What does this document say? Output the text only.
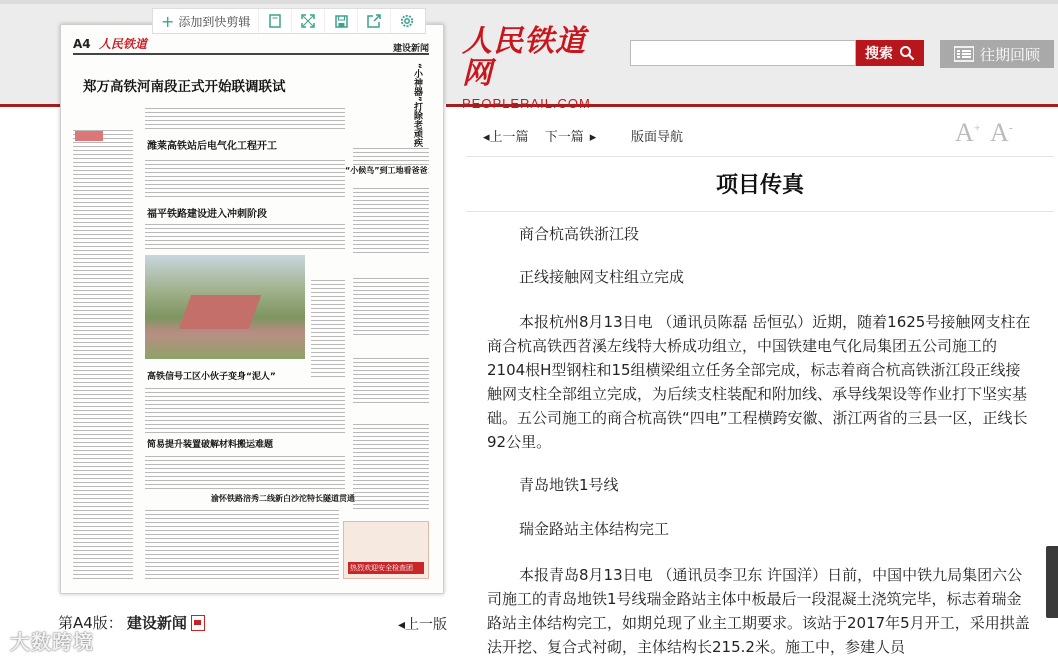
人民铁道网
PEOPLERAIL.COM
搜索	往期回顾
A4 人民铁道	建设新闻
郑万高铁河南段正式开始联调联试
潍莱高铁站后电气化工程开工
福平铁路建设进入冲刺阶段
高铁信号工区小伙子变身“泥人”
简易提升装置破解材料搬运难题
渝怀铁路涪秀二线新白沙沱特长隧道贯通
“小神器”打除老顽疾
“小候鸟”到工地看爸爸
热烈欢迎安全检查团
+ 添加到快剪辑
第A4版： 建设新闻	◂上一版
大数跨境
◂上一篇 下一篇 ▸	版面导航	A+ A-
项目传真
商合杭高铁浙江段
正线接触网支柱组立完成
本报杭州8月13日电 （通讯员陈磊 岳恒弘）近期，随着1625号接触网支柱在商合杭高铁西苕溪左线特大桥成功组立，中国铁建电气化局集团五公司施工的2104根H型钢柱和15组横梁组立任务全部完成，标志着商合杭高铁浙江段正线接触网支柱全部组立完成，为后续支柱装配和附加线、承导线架设等作业打下坚实基础。五公司施工的商合杭高铁“四电”工程横跨安徽、浙江两省的三县一区，正线长92公里。
青岛地铁1号线
瑞金路站主体结构完工
本报青岛8月13日电 （通讯员李卫东 许国洋）日前，中国中铁九局集团六公司施工的青岛地铁1号线瑞金路站主体中板最后一段混凝土浇筑完毕，标志着瑞金路站主体结构完工，如期兑现了业主工期要求。该站于2017年5月开工，采用拱盖法开挖、复合式衬砌，主体结构长215.2米。施工中，参建人员
